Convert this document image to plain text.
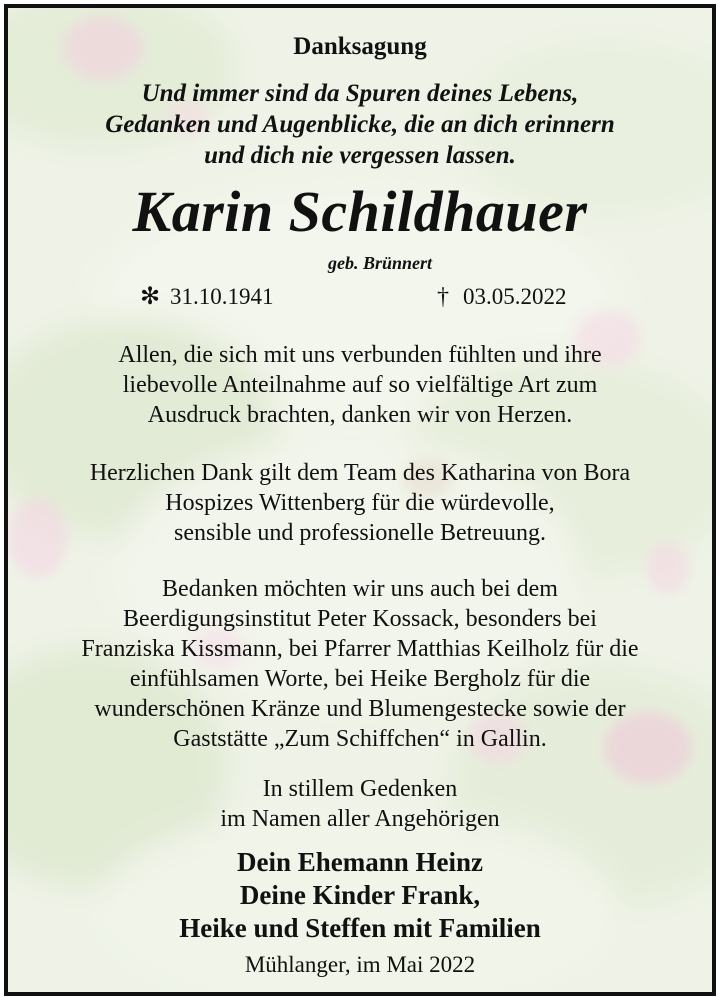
Danksagung
Und immer sind da Spuren deines Lebens,
Gedanken und Augenblicke, die an dich erinnern
und dich nie vergessen lassen.
Karin Schildhauer
geb. Brünnert
✻ 31.10.1941	† 03.05.2022
Allen, die sich mit uns verbunden fühlten und ihre
liebevolle Anteilnahme auf so vielfältige Art zum
Ausdruck brachten, danken wir von Herzen.
Herzlichen Dank gilt dem Team des Katharina von Bora
Hospizes Wittenberg für die würdevolle,
sensible und professionelle Betreuung.
Bedanken möchten wir uns auch bei dem
Beerdigungsinstitut Peter Kossack, besonders bei
Franziska Kissmann, bei Pfarrer Matthias Keilholz für die
einfühlsamen Worte, bei Heike Bergholz für die
wunderschönen Kränze und Blumengestecke sowie der
Gaststätte „Zum Schiffchen“ in Gallin.
In stillem Gedenken
im Namen aller Angehörigen
Dein Ehemann Heinz
Deine Kinder Frank,
Heike und Steffen mit Familien
Mühlanger, im Mai 2022
